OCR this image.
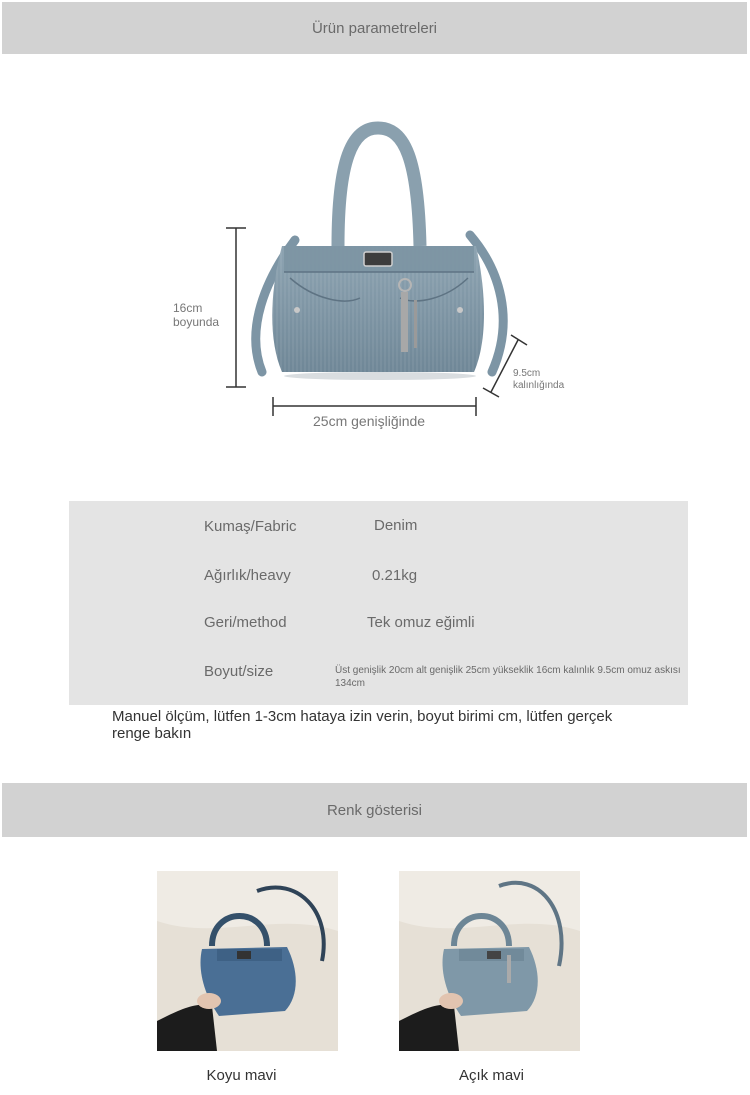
Ürün parametreleri
16cm
boyunda
9.5cm
kalınlığında
25cm genişliğinde
Kumaş/Fabric	Denim
Ağırlık/heavy	0.21kg
Geri/method	Tek omuz eğimli
Boyut/size	Üst genişlik 20cm alt genişlik 25cm yükseklik 16cm kalınlık 9.5cm omuz askısı 134cm
Manuel ölçüm, lütfen 1-3cm hataya izin verin, boyut birimi cm, lütfen gerçek renge bakın
Renk gösterisi
Koyu mavi	Açık mavi
